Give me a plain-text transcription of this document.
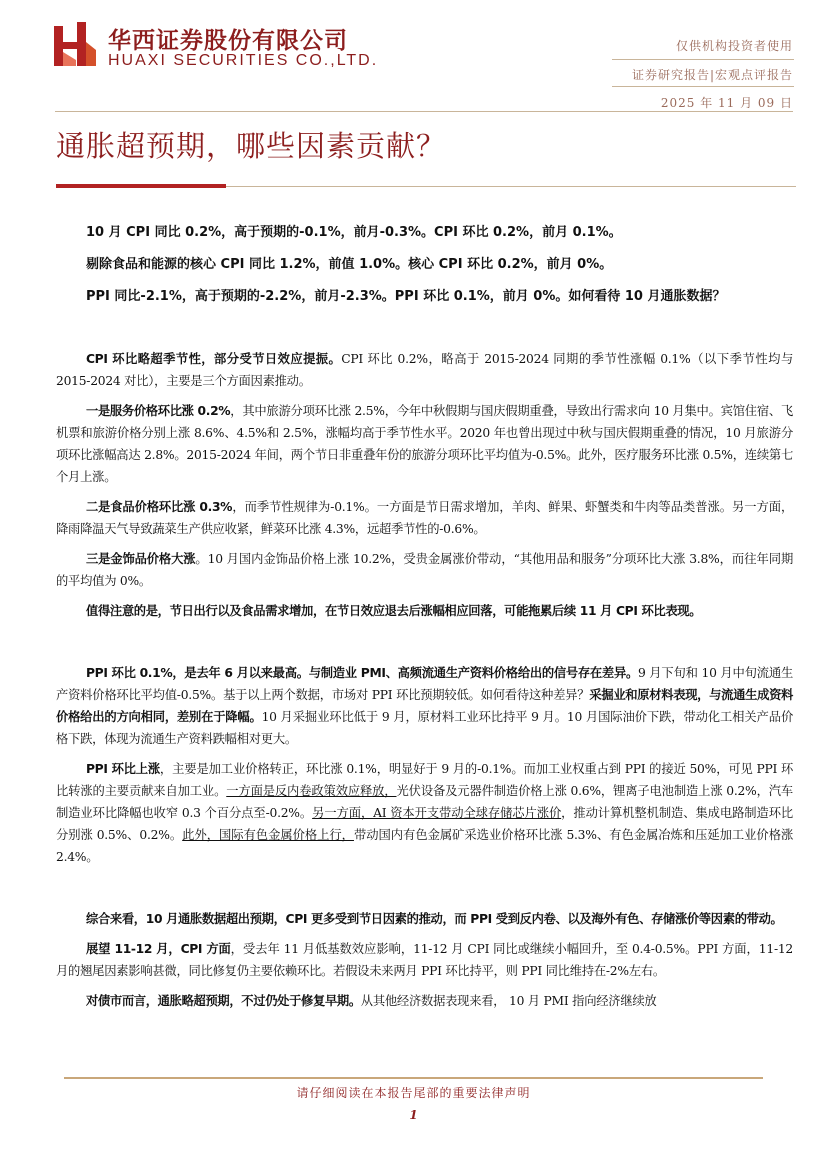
华西证券股份有限公司
HUAXI SECURITIES CO.,LTD.
仅供机构投资者使用
证券研究报告|宏观点评报告
2025 年 11 月 09 日
通胀超预期，哪些因素贡献？
10 月 CPI 同比 0.2%，高于预期的-0.1%，前月-0.3%。CPI 环比 0.2%，前月 0.1%。
剔除食品和能源的核心 CPI 同比 1.2%，前值 1.0%。核心 CPI 环比 0.2%，前月 0%。
PPI 同比-2.1%，高于预期的-2.2%，前月-2.3%。PPI 环比 0.1%，前月 0%。如何看待 10 月通胀数据？

CPI 环比略超季节性，部分受节日效应提振。CPI 环比 0.2%，略高于 2015-2024 同期的季节性涨幅 0.1%（以下季节性均与 2015-2024 对比），主要是三个方面因素推动。

一是服务价格环比涨 0.2%，其中旅游分项环比涨 2.5%，今年中秋假期与国庆假期重叠，导致出行需求向 10 月集中。宾馆住宿、飞机票和旅游价格分别上涨 8.6%、4.5%和 2.5%，涨幅均高于季节性水平。2020 年也曾出现过中秋与国庆假期重叠的情况，10 月旅游分项环比涨幅高达 2.8%。2015-2024 年间，两个节日非重叠年份的旅游分项环比平均值为-0.5%。此外，医疗服务环比涨 0.5%，连续第七个月上涨。

二是食品价格环比涨 0.3%，而季节性规律为-0.1%。一方面是节日需求增加，羊肉、鲜果、虾蟹类和牛肉等品类普涨。另一方面，降雨降温天气导致蔬菜生产供应收紧，鲜菜环比涨 4.3%，远超季节性的-0.6%。

三是金饰品价格大涨。10 月国内金饰品价格上涨 10.2%，受贵金属涨价带动，“其他用品和服务”分项环比大涨 3.8%，而往年同期的平均值为 0%。

值得注意的是，节日出行以及食品需求增加，在节日效应退去后涨幅相应回落，可能拖累后续 11 月 CPI 环比表现。

PPI 环比 0.1%，是去年 6 月以来最高。与制造业 PMI、高频流通生产资料价格给出的信号存在差异。9 月下旬和 10 月中旬流通生产资料价格环比平均值-0.5%。基于以上两个数据，市场对 PPI 环比预期较低。如何看待这种差异？采掘业和原材料表现，与流通生成资料价格给出的方向相同，差别在于降幅。10 月采掘业环比低于 9 月，原材料工业环比持平 9 月。10 月国际油价下跌，带动化工相关产品价格下跌，体现为流通生产资料跌幅相对更大。

PPI 环比上涨，主要是加工业价格转正，环比涨 0.1%，明显好于 9 月的-0.1%。而加工业权重占到 PPI 的接近 50%，可见 PPI 环比转涨的主要贡献来自加工业。一方面是反内卷政策效应释放，光伏设备及元器件制造价格上涨 0.6%，锂离子电池制造上涨 0.2%，汽车制造业环比降幅也收窄 0.3 个百分点至-0.2%。另一方面，AI 资本开支带动全球存储芯片涨价，推动计算机整机制造、集成电路制造环比分别涨 0.5%、0.2%。此外，国际有色金属价格上行，带动国内有色金属矿采选业价格环比涨 5.3%、有色金属冶炼和压延加工业价格涨 2.4%。

综合来看，10 月通胀数据超出预期，CPI 更多受到节日因素的推动，而 PPI 受到反内卷、以及海外有色、存储涨价等因素的带动。

展望 11-12 月，CPI 方面，受去年 11 月低基数效应影响，11-12 月 CPI 同比或继续小幅回升，至 0.4-0.5%。PPI 方面，11-12 月的翘尾因素影响甚微，同比修复仍主要依赖环比。若假设未来两月 PPI 环比持平，则 PPI 同比维持在-2%左右。

对债市而言，通胀略超预期，不过仍处于修复早期。从其他经济数据表现来看， 10 月 PMI 指向经济继续放

请仔细阅读在本报告尾部的重要法律声明
1
